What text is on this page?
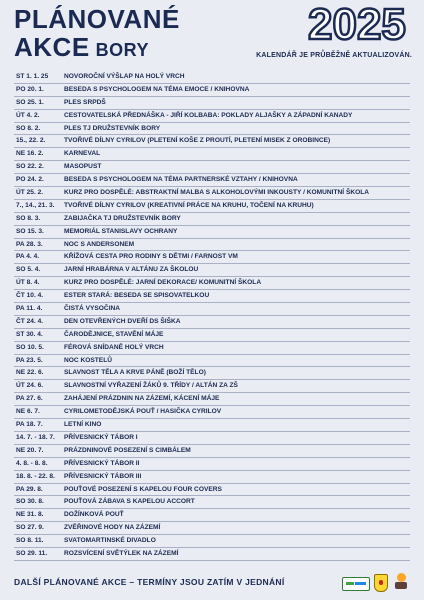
PLÁNOVANÉ
AKCE BORY
2025
KALENDÁŘ JE PRŮBĚŽNĚ AKTUALIZOVÁN.
ST 1. 1. 25	NOVOROČNÍ VÝŠLAP NA HOLÝ VRCH
PO 20. 1.	BESEDA S PSYCHOLOGEM NA TÉMA EMOCE / KNIHOVNA
SO 25. 1.	PLES SRPDŠ
ÚT 4. 2.	CESTOVATELSKÁ PŘEDNÁŠKA - JIŘÍ KOLBABA: POKLADY ALJAŠKY A ZÁPADNÍ KANADY
SO 8. 2.	PLES TJ DRUŽSTEVNÍK BORY
15., 22. 2.	TVOŘIVÉ DÍLNY CYRILOV (PLETENÍ KOŠE Z PROUTÍ, PLETENÍ MISEK Z OROBINCE)
NE 16. 2.	KARNEVAL
SO 22. 2.	MASOPUST
PO 24. 2.	BESEDA S PSYCHOLOGEM NA TÉMA PARTNERSKÉ VZTAHY / KNIHOVNA
ÚT 25. 2.	KURZ PRO DOSPĚLÉ: ABSTRAKTNÍ MALBA S ALKOHOLOVÝMI INKOUSTY / KOMUNITNÍ ŠKOLA
7., 14., 21. 3.	TVOŘIVÉ DÍLNY CYRILOV (KREATIVNÍ PRÁCE NA KRUHU, TOČENÍ NA KRUHU)
SO 8. 3.	ZABIJAČKA TJ DRUŽSTEVNÍK BORY
SO 15. 3.	MEMORIÁL STANISLAVY OCHRANY
PA 28. 3.	NOC S ANDERSONEM
PA 4. 4.	KŘÍŽOVÁ CESTA PRO RODINY S DĚTMI / FARNOST VM
SO 5. 4.	JARNÍ HRABÁRNA V ALTÁNU ZA ŠKOLOU
ÚT 8. 4.	KURZ PRO DOSPĚLÉ: JARNÍ DEKORACE/ KOMUNITNÍ ŠKOLA
ČT 10. 4.	ESTER STARÁ: BESEDA SE SPISOVATELKOU
PA 11. 4.	ČISTÁ VYSOČINA
ČT 24. 4.	DEN OTEVŘENÝCH DVEŘÍ DS ŠIŠKA
ST 30. 4.	ČARODĚJNICE, STAVĚNÍ MÁJE
SO 10. 5.	FÉROVÁ SNÍDANĚ HOLÝ VRCH
PA 23. 5.	NOC KOSTELŮ
NE 22. 6.	SLAVNOST TĚLA A KRVE PÁNĚ (BOŽÍ TĚLO)
ÚT 24. 6.	SLAVNOSTNÍ VYŘAZENÍ ŽÁKŮ 9. TŘÍDY / ALTÁN ZA ZŠ
PA 27. 6.	ZAHÁJENÍ PRÁZDNIN NA ZÁZEMÍ, KÁCENÍ MÁJE
NE 6. 7.	CYRILOMETODĚJSKÁ POUŤ / HASIČKA CYRILOV
PA 18. 7.	LETNÍ KINO
14. 7. - 18. 7.	PŘÍVESNICKÝ TÁBOR I
NE 20. 7.	PRÁZDNINOVÉ POSEZENÍ S CIMBÁLEM
4. 8. - 8. 8.	PŘÍVESNICKÝ TÁBOR II
18. 8. - 22. 8.	PŘÍVESNICKÝ TÁBOR III
PA 29. 8.	POUŤOVÉ POSEZENÍ S KAPELOU FOUR COVERS
SO 30. 8.	POUŤOVÁ ZÁBAVA S KAPELOU ACCORT
NE 31. 8.	DOŽÍNKOVÁ POUŤ
SO 27. 9.	ZVĚŘINOVÉ HODY NA ZÁZEMÍ
SO 8. 11.	SVATOMARTINSKÉ DIVADLO
SO 29. 11.	ROZSVÍCENÍ SVĚTÝLEK NA ZÁZEMÍ
DALŠÍ PLÁNOVANÉ AKCE – TERMÍNY JSOU ZATÍM V JEDNÁNÍ
